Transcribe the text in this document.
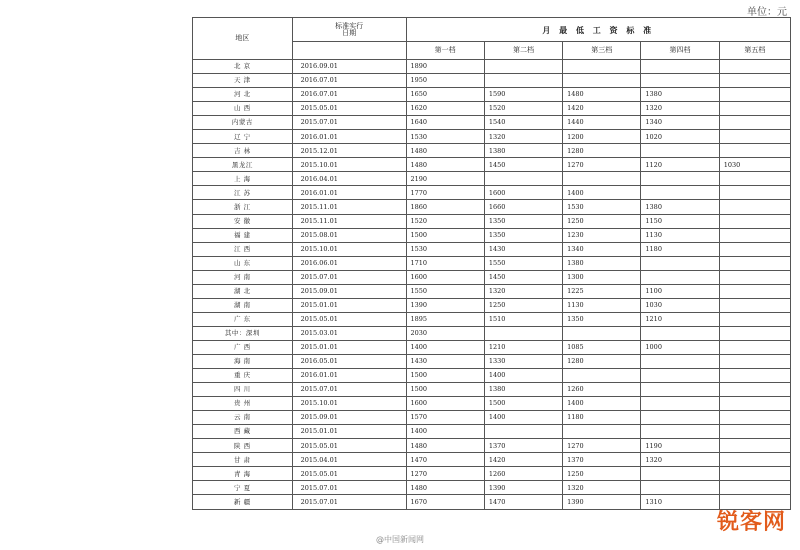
单位：元
地区	标准实行
日期	月 最 低 工 资 标 准				
		第一档	第二档	第三档	第四档	第五档
北 京	2016.09.01	1890				
天 津	2016.07.01	1950				
河 北	2016.07.01	1650	1590	1480	1380	
山 西	2015.05.01	1620	1520	1420	1320	
内蒙古	2015.07.01	1640	1540	1440	1340	
辽 宁	2016.01.01	1530	1320	1200	1020	
吉 林	2015.12.01	1480	1380	1280		
黑龙江	2015.10.01	1480	1450	1270	1120	1030
上 海	2016.04.01	2190				
江 苏	2016.01.01	1770	1600	1400		
浙 江	2015.11.01	1860	1660	1530	1380	
安 徽	2015.11.01	1520	1350	1250	1150	
福 建	2015.08.01	1500	1350	1230	1130	
江 西	2015.10.01	1530	1430	1340	1180	
山 东	2016.06.01	1710	1550	1380		
河 南	2015.07.01	1600	1450	1300		
湖 北	2015.09.01	1550	1320	1225	1100	
湖 南	2015.01.01	1390	1250	1130	1030	
广 东	2015.05.01	1895	1510	1350	1210	
其中：深圳	2015.03.01	2030				
广 西	2015.01.01	1400	1210	1085	1000	
海 南	2016.05.01	1430	1330	1280		
重 庆	2016.01.01	1500	1400			
四 川	2015.07.01	1500	1380	1260		
贵 州	2015.10.01	1600	1500	1400		
云 南	2015.09.01	1570	1400	1180		
西 藏	2015.01.01	1400				
陕 西	2015.05.01	1480	1370	1270	1190	
甘 肃	2015.04.01	1470	1420	1370	1320	
青 海	2015.05.01	1270	1260	1250		
宁 夏	2015.07.01	1480	1390	1320		
新 疆	2015.07.01	1670	1470	1390	1310	
@中国新闻网
锐客网
